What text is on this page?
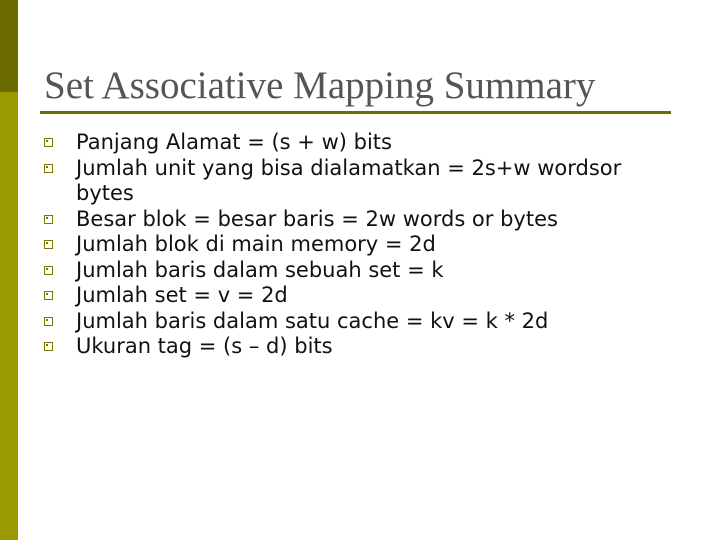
Set Associative Mapping Summary
Panjang Alamat = (s + w) bits
Jumlah unit yang bisa dialamatkan = 2s+w wordsor bytes
Besar blok = besar baris = 2w words or bytes
Jumlah blok di main memory = 2d
Jumlah baris dalam sebuah set = k
Jumlah set = v = 2d
Jumlah baris dalam satu cache = kv = k * 2d
Ukuran tag = (s – d) bits
